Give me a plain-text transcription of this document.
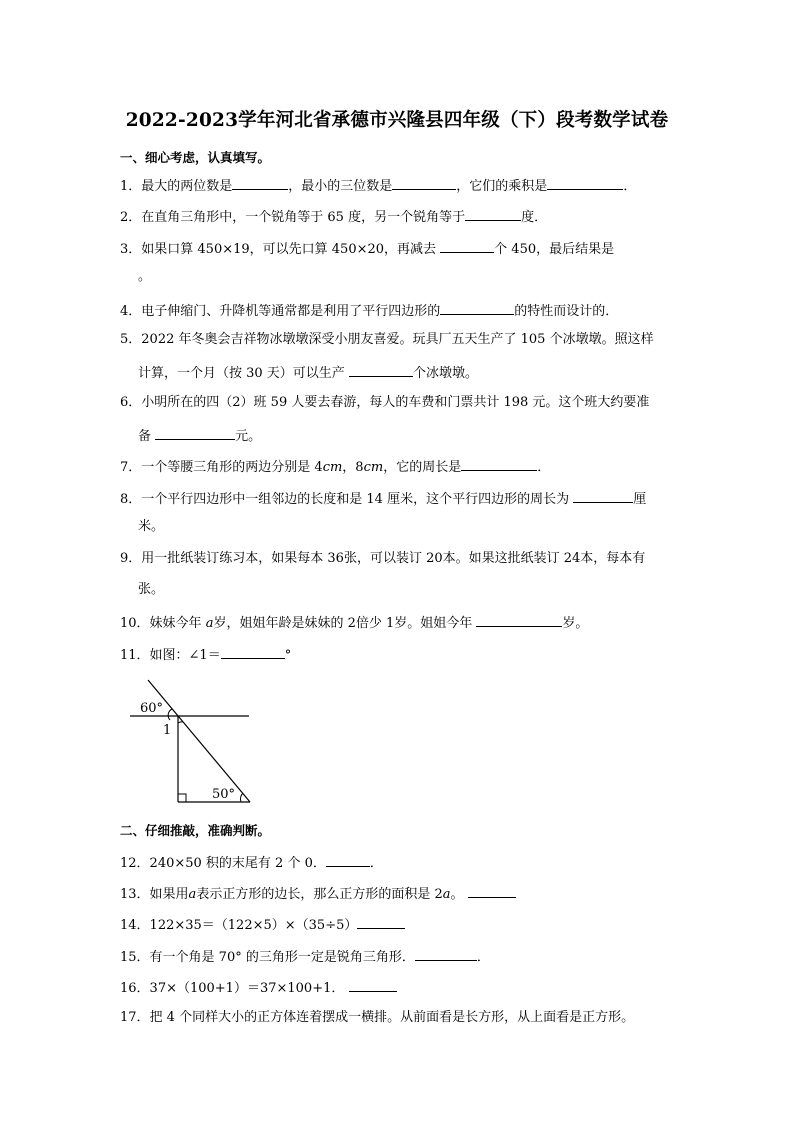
2022-2023学年河北省承德市兴隆县四年级（下）段考数学试卷
一、细心考虑，认真填写。
1．最大的两位数是	，最小的三位数是	，它们的乘积是	．
2．在直角三角形中，一个锐角等于 65 度，另一个锐角等于	度．
3．如果口算 450×19，可以先口算 450×20，再减去	个 450，最后结果是
。
4．电子伸缩门、升降机等通常都是利用了平行四边形的	的特性而设计的．
5．2022 年冬奥会吉祥物冰墩墩深受小朋友喜爱。玩具厂五天生产了 105 个冰墩墩。照这样
计算，一个月（按 30 天）可以生产	个冰墩墩。
6．小明所在的四（2）班 59 人要去春游，每人的车费和门票共计 198 元。这个班大约要准
备	元。
7．一个等腰三角形的两边分别是 4cm，8cm，它的周长是	．
8．一个平行四边形中一组邻边的长度和是 14 厘米，这个平行四边形的周长为	厘
米。
9．用一批纸装订练习本，如果每本 36张，可以装订 20本。如果这批纸装订 24本，每本有
张。
10．妹妹今年 a岁，姐姐年龄是妹妹的 2倍少 1岁。姐姐今年	岁。
11．如图：∠1＝	°
60°
1
50°
二、仔细推敲，准确判断。
12．240×50 积的末尾有 2 个 0．	．
13．如果用a表示正方形的边长，那么正方形的面积是 2a。
14．122×35＝（122×5）×（35÷5）
15．有一个角是 70° 的三角形一定是锐角三角形．	．
16．37×（100+1）＝37×100+1．
17．把 4 个同样大小的正方体连着摆成一横排。从前面看是长方形，从上面看是正方形。
